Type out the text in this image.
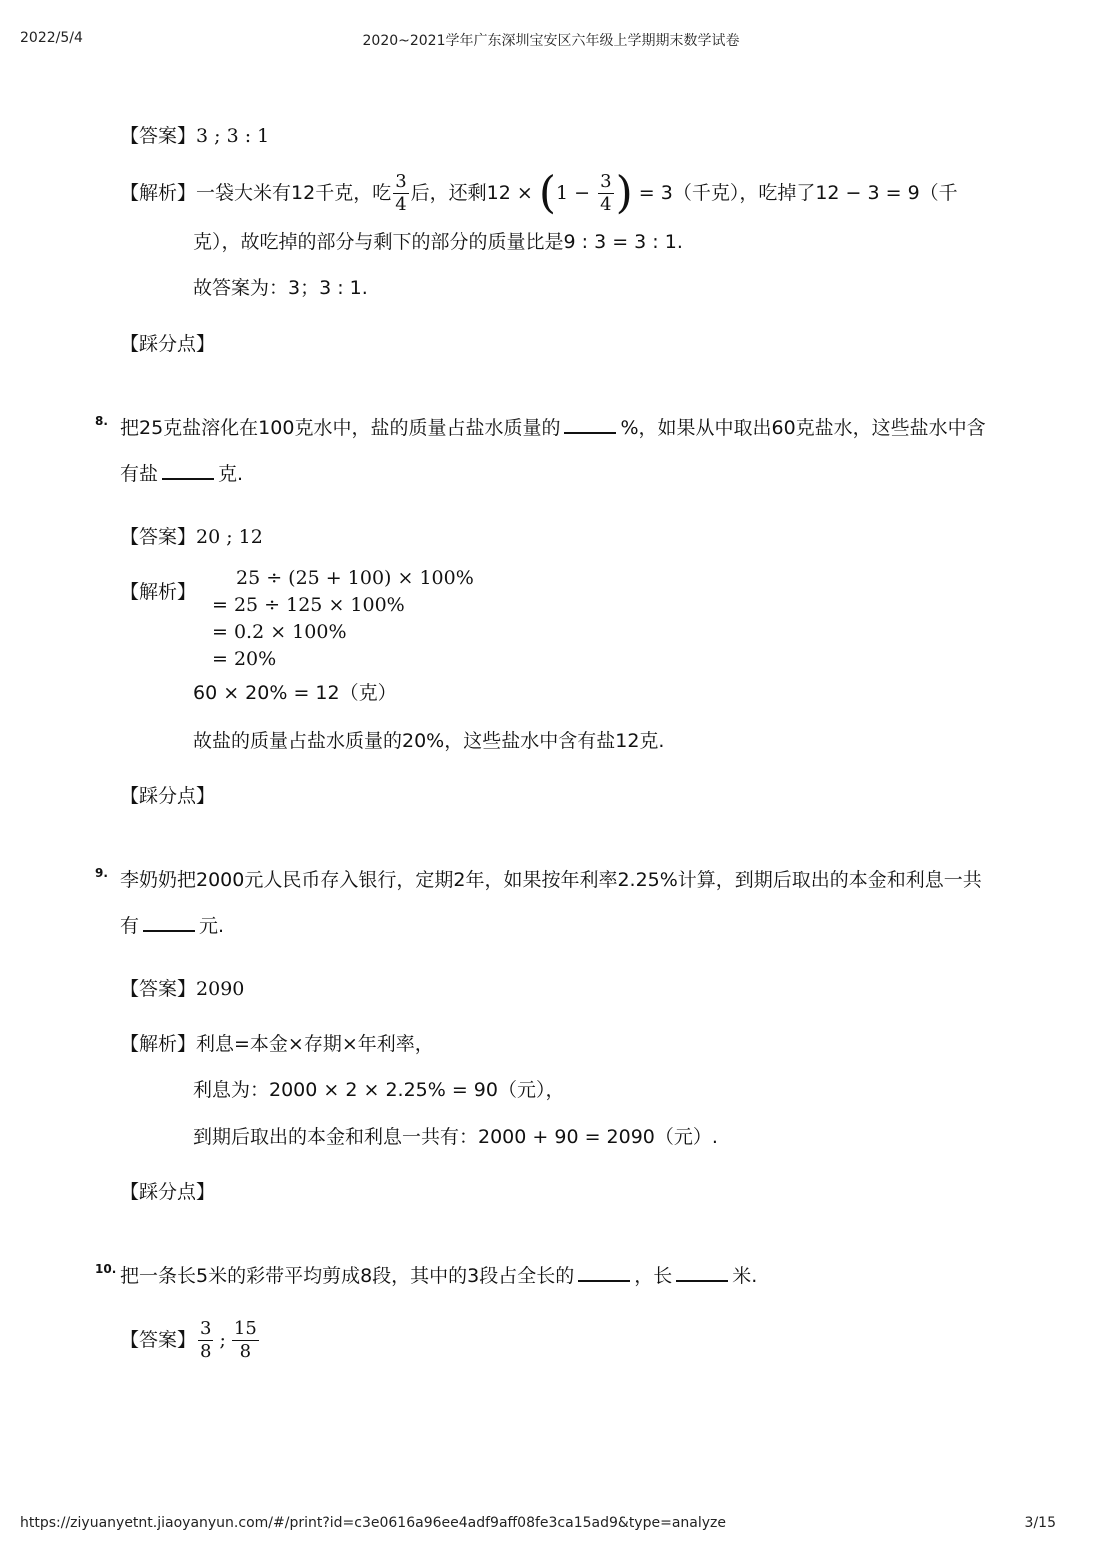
2022/5/4	2020~2021学年广东深圳宝安区六年级上学期期末数学试卷
https://ziyuanyetnt.jiaoyanyun.com/#/print?id=c3e0616a96ee4adf9aff08fe3ca15ad9&type=analyze	3/15
【答案】3 ; 3 : 1
【解析】一袋大米有12千克，吃 $\frac{3}{4}$ 后，还剩$12 \times (1 - \frac{3}{4}$ ) = 3（千克），吃掉了12 − 3 = 9（千
克），故吃掉的部分与剩下的部分的质量比是9 : 3 = 3 : 1.
故答案为：3；3 : 1.
【踩分点】
8. 把25克盐溶化在100克水中，盐的质量占盐水质量的	%，如果从中取出60克盐水，这些盐水中含
有盐	克.
【答案】20 ; 12
【解析】
25 ÷ (25 + 100) × 100%
= 25 ÷ 125 × 100%
= 0.2 × 100%
= 20%
60 × 20% = 12（克）
故盐的质量占盐水质量的20%，这些盐水中含有盐12克.
【踩分点】
9. 李奶奶把2000元人民币存入银行，定期2年，如果按年利率2.25%计算，到期后取出的本金和利息一共
有	元.
【答案】2090
【解析】利息=本金×存期×年利率，
利息为：2000 × 2 × 2.25% = 90（元），
到期后取出的本金和利息一共有：2000 + 90 = 2090（元）.
【踩分点】
10. 把一条长5米的彩带平均剪成8段，其中的3段占全长的	，长	米.
【答案】 $\frac{3}{8}$ ; $\frac{15}{8}$
